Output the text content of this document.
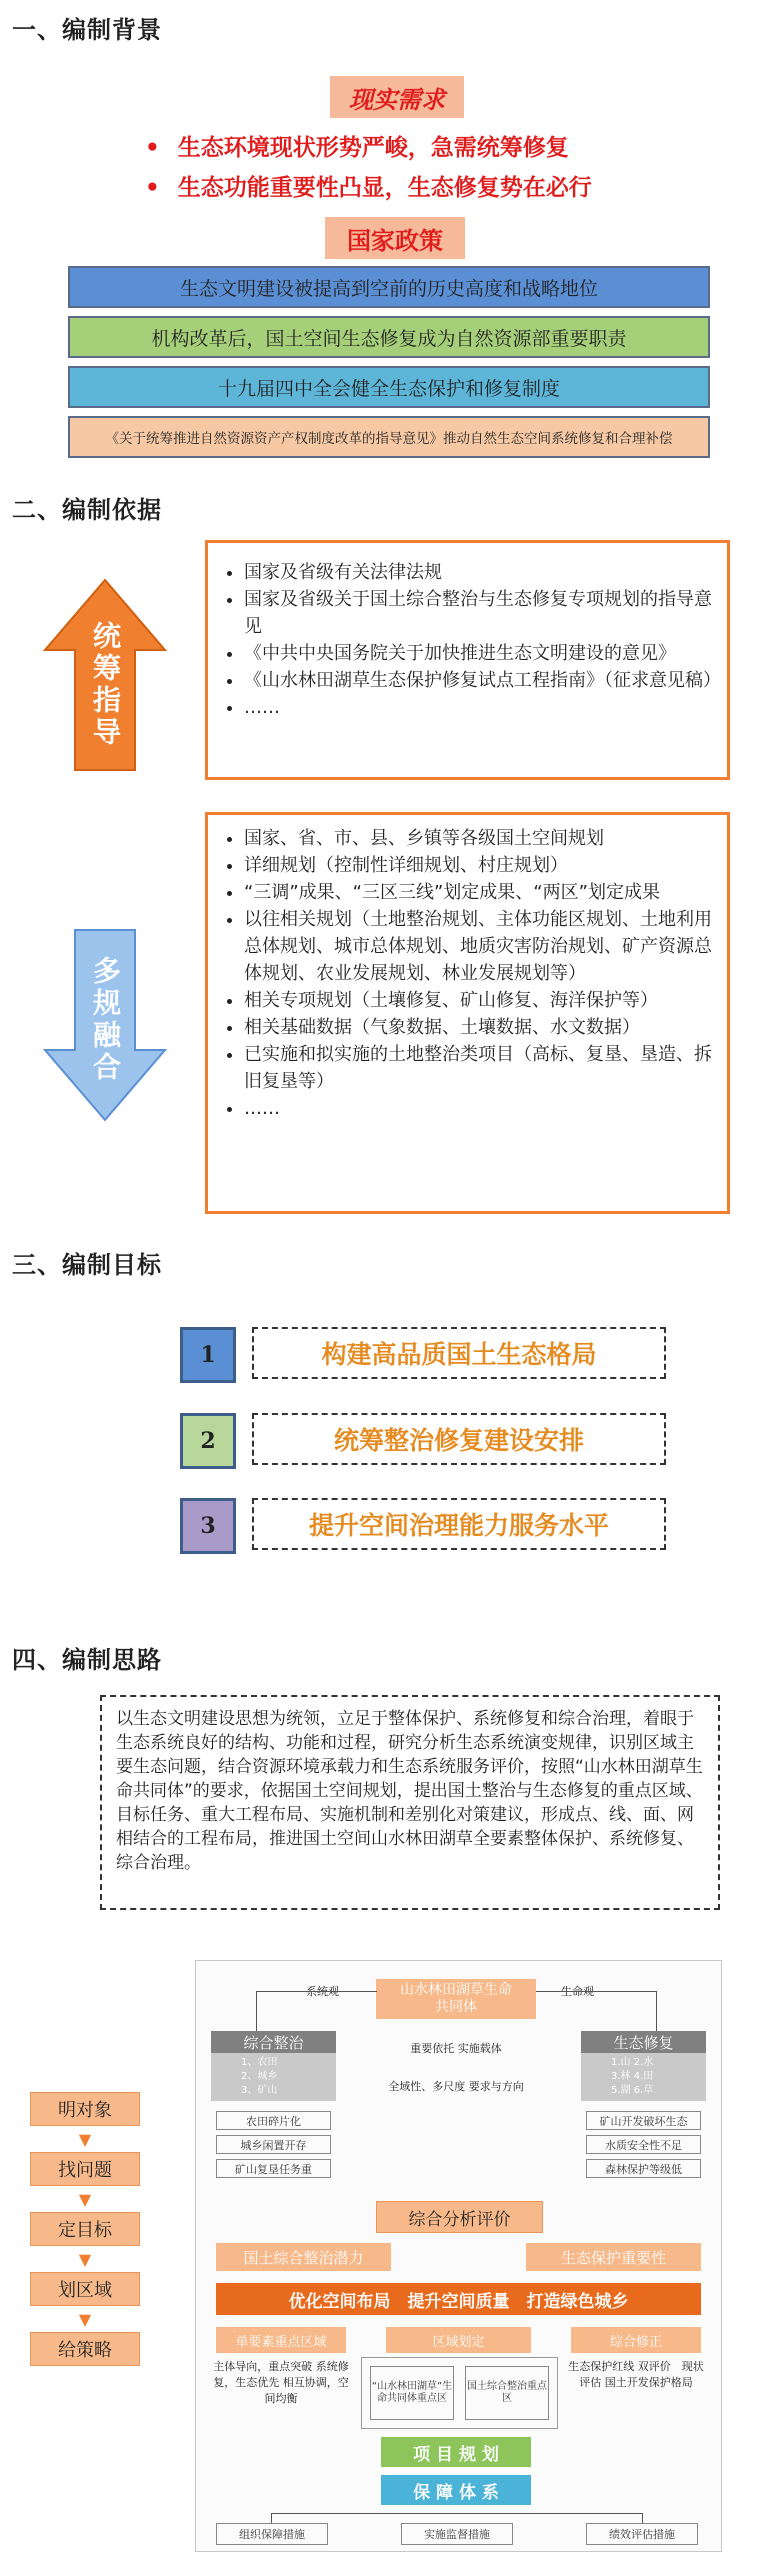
一、编制背景
现实需求
• 生态环境现状形势严峻，急需统筹修复
• 生态功能重要性凸显，生态修复势在必行
国家政策
生态文明建设被提高到空前的历史高度和战略地位
机构改革后，国土空间生态修复成为自然资源部重要职责
十九届四中全会健全生态保护和修复制度
《关于统筹推进自然资源资产产权制度改革的指导意见》推动自然生态空间系统修复和合理补偿
二、编制依据
统筹指导
• 国家及省级有关法律法规
• 国家及省级关于国土综合整治与生态修复专项规划的指导意见
• 《中共中央国务院关于加快推进生态文明建设的意见》
• 《山水林田湖草生态保护修复试点工程指南》（征求意见稿）
• ……
多规融合
• 国家、省、市、县、乡镇等各级国土空间规划
• 详细规划（控制性详细规划、村庄规划）
• “三调”成果、“三区三线”划定成果、“两区”划定成果
• 以往相关规划（土地整治规划、主体功能区规划、土地利用总体规划、城市总体规划、地质灾害防治规划、矿产资源总体规划、农业发展规划、林业发展规划等）
• 相关专项规划（土壤修复、矿山修复、海洋保护等）
• 相关基础数据（气象数据、土壤数据、水文数据）
• 已实施和拟实施的土地整治类项目（高标、复垦、垦造、拆旧复垦等）
• ……
三、编制目标
1	构建高品质国土生态格局
2	统筹整治修复建设安排
3	提升空间治理能力服务水平
四、编制思路
以生态文明建设思想为统领，立足于整体保护、系统修复和综合治理，着眼于生态系统良好的结构、功能和过程，研究分析生态系统演变规律，识别区域主要生态问题，结合资源环境承载力和生态系统服务评价，按照“山水林田湖草生命共同体”的要求，依据国土空间规划，提出国土整治与生态修复的重点区域、目标任务、重大工程布局、实施机制和差别化对策建议，形成点、线、面、网相结合的工程布局，推进国土空间山水林田湖草全要素整体保护、系统修复、综合治理。
明对象
▼
找问题
▼
定目标
▼
划区域
▼
给策略
山水林田湖草生命共同体
系统观	生命观
综合整治
1、农田
2、城乡
3、矿山
生态修复
1.山 2.水
3.林 4.田
5.湖 6.草
重要依托 实施载体
全域性、多尺度 要求与方向
农田碎片化
城乡闲置开存
矿山复垦任务重
矿山开发破坏生态
水质安全性不足
森林保护等级低
综合分析评价
国土综合整治潜力	生态保护重要性
优化空间布局　提升空间质量　打造绿色城乡
单要素重点区域	区域划定	综合修正
主体导向，重点突破 系统修复，生态优先 相互协调，空间均衡
“山水林田湖草”生命共同体重点区
国土综合整治重点区
生态保护红线 双评价　现状评估 国土开发保护格局
项 目 规 划
保 障 体 系
组织保障措施	实施监督措施	绩效评估措施
